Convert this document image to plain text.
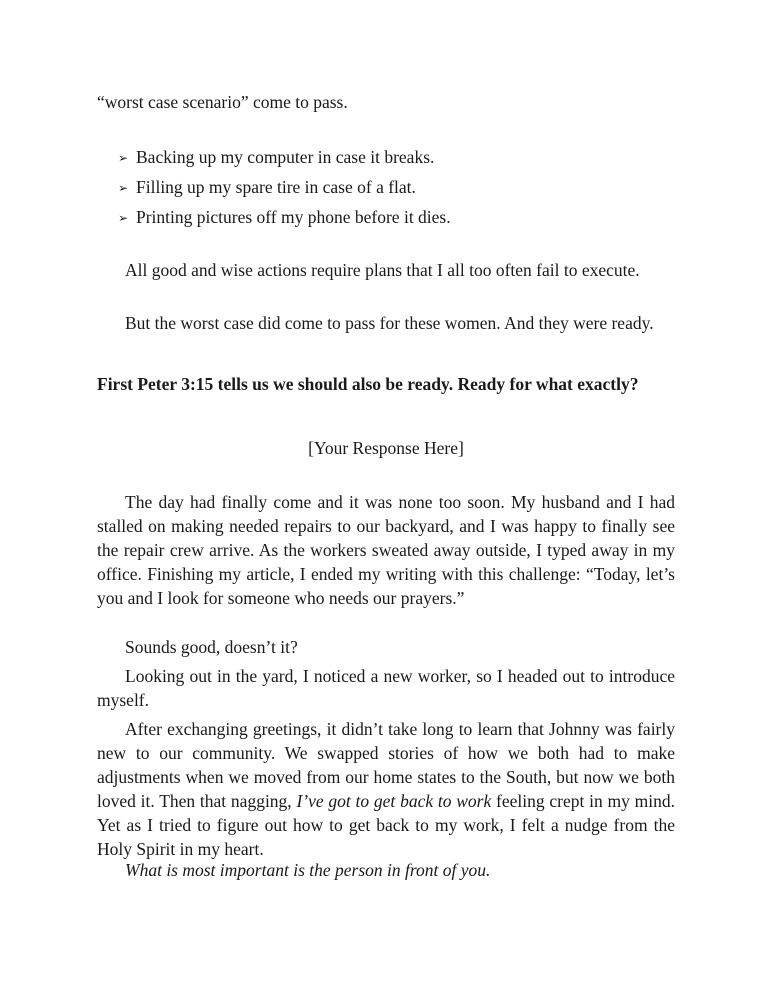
“worst case scenario” come to pass.

➢ Backing up my computer in case it breaks.
➢ Filling up my spare tire in case of a flat.
➢ Printing pictures off my phone before it dies.

All good and wise actions require plans that I all too often fail to execute.

But the worst case did come to pass for these women. And they were ready.

First Peter 3:15 tells us we should also be ready. Ready for what exactly?

[Your Response Here]

The day had finally come and it was none too soon. My husband and I had stalled on making needed repairs to our backyard, and I was happy to finally see the repair crew arrive. As the workers sweated away outside, I typed away in my office. Finishing my article, I ended my writing with this challenge: “Today, let’s you and I look for someone who needs our prayers.”

Sounds good, doesn’t it?

Looking out in the yard, I noticed a new worker, so I headed out to introduce myself.

After exchanging greetings, it didn’t take long to learn that Johnny was fairly new to our community. We swapped stories of how we both had to make adjustments when we moved from our home states to the South, but now we both loved it. Then that nagging, I’ve got to get back to work feeling crept in my mind. Yet as I tried to figure out how to get back to my work, I felt a nudge from the Holy Spirit in my heart.

What is most important is the person in front of you.
